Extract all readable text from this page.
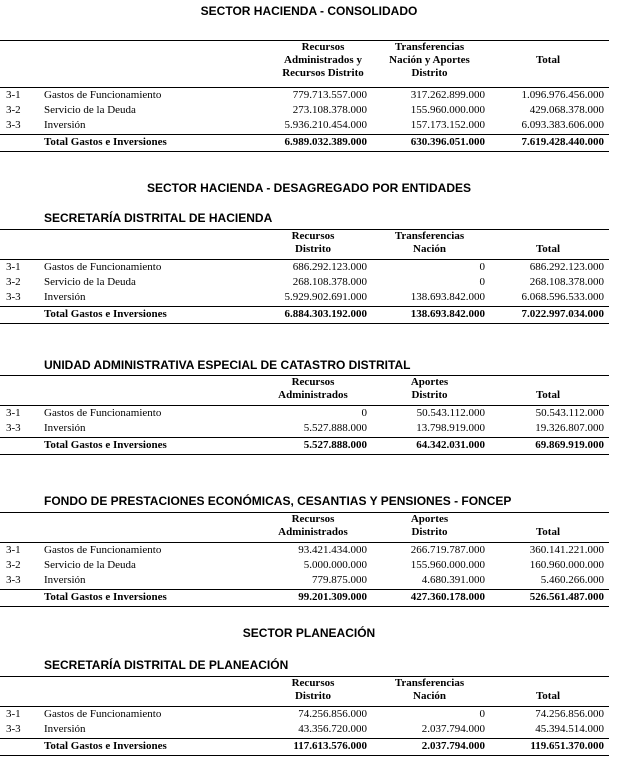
SECTOR HACIENDA - CONSOLIDADO
Recursos
Administrados y
Recursos Distrito
Transferencias
Nación y Aportes
Distrito
Total
3-1 Gastos de Funcionamiento	779.713.557.000	317.262.899.000	1.096.976.456.000
3-2 Servicio de la Deuda	273.108.378.000	155.960.000.000	429.068.378.000
3-3 Inversión	5.936.210.454.000	157.173.152.000	6.093.383.606.000
Total Gastos e Inversiones	6.989.032.389.000	630.396.051.000	7.619.428.440.000
SECTOR HACIENDA - DESAGREGADO POR ENTIDADES
SECRETARÍA DISTRITAL DE HACIENDA
Recursos
Distrito
Transferencias
Nación	Total
3-1 Gastos de Funcionamiento	686.292.123.000	0	686.292.123.000
3-2 Servicio de la Deuda	268.108.378.000	0	268.108.378.000
3-3 Inversión	5.929.902.691.000	138.693.842.000	6.068.596.533.000
Total Gastos e Inversiones	6.884.303.192.000	138.693.842.000	7.022.997.034.000
UNIDAD ADMINISTRATIVA ESPECIAL DE CATASTRO DISTRITAL
Recursos
Administrados
Aportes
Distrito	Total
3-1 Gastos de Funcionamiento	0	50.543.112.000	50.543.112.000
3-3 Inversión	5.527.888.000	13.798.919.000	19.326.807.000
Total Gastos e Inversiones	5.527.888.000	64.342.031.000	69.869.919.000
FONDO DE PRESTACIONES ECONÓMICAS, CESANTIAS Y PENSIONES - FONCEP
Recursos
Administrados
Aportes
Distrito	Total
3-1 Gastos de Funcionamiento	93.421.434.000	266.719.787.000	360.141.221.000
3-2 Servicio de la Deuda	5.000.000.000	155.960.000.000	160.960.000.000
3-3 Inversión	779.875.000	4.680.391.000	5.460.266.000
Total Gastos e Inversiones	99.201.309.000	427.360.178.000	526.561.487.000
SECTOR PLANEACIÓN
SECRETARÍA DISTRITAL DE PLANEACIÓN
Recursos
Distrito
Transferencias
Nación	Total
3-1 Gastos de Funcionamiento	74.256.856.000	0	74.256.856.000
3-3 Inversión	43.356.720.000	2.037.794.000	45.394.514.000
Total Gastos e Inversiones	117.613.576.000	2.037.794.000	119.651.370.000
